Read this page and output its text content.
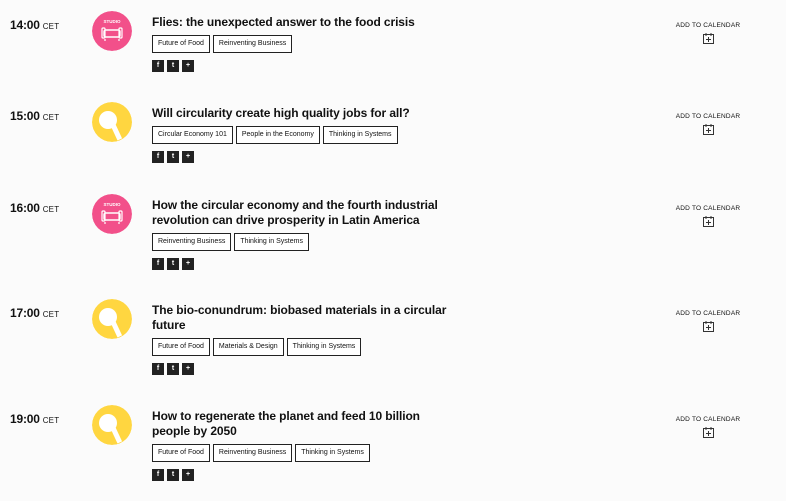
14:00 CET
STUDIO	Flies: the unexpected answer to the food crisis
Future of Food	Reinventing Business
f	t	+
ADD TO CALENDAR
15:00 CET	Will circularity create high quality jobs for all?
Circular Economy 101	People in the Economy	Thinking in Systems
f	t	+
ADD TO CALENDAR
16:00 CET
STUDIO	How the circular economy and the fourth industrial revolution can drive prosperity in Latin America
Reinventing Business	Thinking in Systems
f	t	+
ADD TO CALENDAR
17:00 CET	The bio-conundrum: biobased materials in a circular future
Future of Food	Materials & Design	Thinking in Systems
f	t	+
ADD TO CALENDAR
19:00 CET	How to regenerate the planet and feed 10 billion people by 2050
Future of Food	Reinventing Business	Thinking in Systems
f	t	+
ADD TO CALENDAR
